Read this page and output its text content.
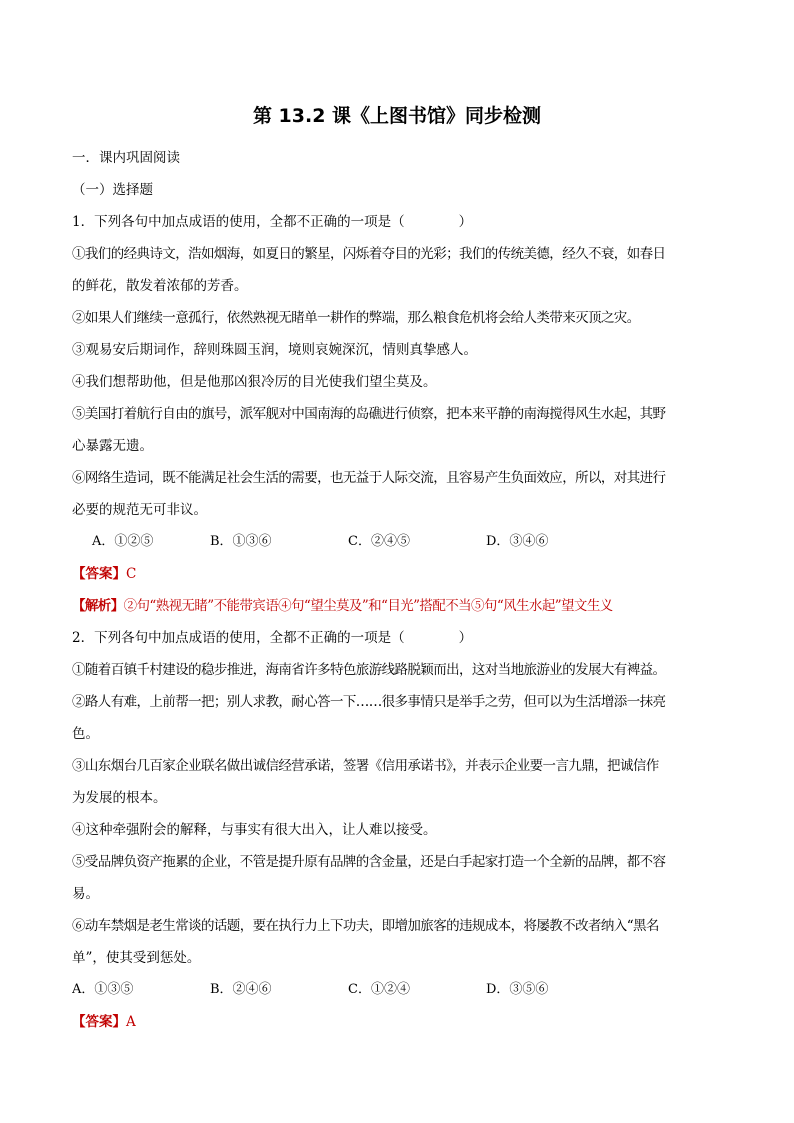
第 13.2 课《上图书馆》同步检测
一．课内巩固阅读
（一）选择题
1．下列各句中加点成语的使用，全都不正确的一项是（　　　　）
①我们的经典诗文，浩如烟海，如夏日的繁星，闪烁着夺目的光彩；我们的传统美德，经久不衰，如春日
的鲜花，散发着浓郁的芳香。
②如果人们继续一意孤行，依然熟视无睹单一耕作的弊端，那么粮食危机将会给人类带来灭顶之灾。
③观易安后期词作，辞则珠圆玉润，境则哀婉深沉，情则真挚感人。
④我们想帮助他，但是他那凶狠冷厉的目光使我们望尘莫及。
⑤美国打着航行自由的旗号，派军舰对中国南海的岛礁进行侦察，把本来平静的南海搅得风生水起，其野
心暴露无遗。
⑥网络生造词，既不能满足社会生活的需要，也无益于人际交流，且容易产生负面效应，所以，对其进行
必要的规范无可非议。
A．①②⑤	B．①③⑥	C．②④⑤	D．③④⑥
【答案】C
【解析】②句“熟视无睹”不能带宾语④句“望尘莫及”和“目光”搭配不当⑤句“风生水起”望文生义
2．下列各句中加点成语的使用，全都不正确的一项是（　　　　）
①随着百镇千村建设的稳步推进，海南省许多特色旅游线路脱颖而出，这对当地旅游业的发展大有裨益。
②路人有难，上前帮一把；别人求教，耐心答一下……很多事情只是举手之劳，但可以为生活增添一抹亮
色。
③山东烟台几百家企业联名做出诚信经营承诺，签署《信用承诺书》，并表示企业要一言九鼎，把诚信作
为发展的根本。
④这种牵强附会的解释，与事实有很大出入，让人难以接受。
⑤受品牌负资产拖累的企业，不管是提升原有品牌的含金量，还是白手起家打造一个全新的品牌，都不容
易。
⑥动车禁烟是老生常谈的话题，要在执行力上下功夫，即增加旅客的违规成本，将屡教不改者纳入“黑名
单”，使其受到惩处。
A．①③⑤	B．②④⑥	C．①②④	D．③⑤⑥
【答案】A
